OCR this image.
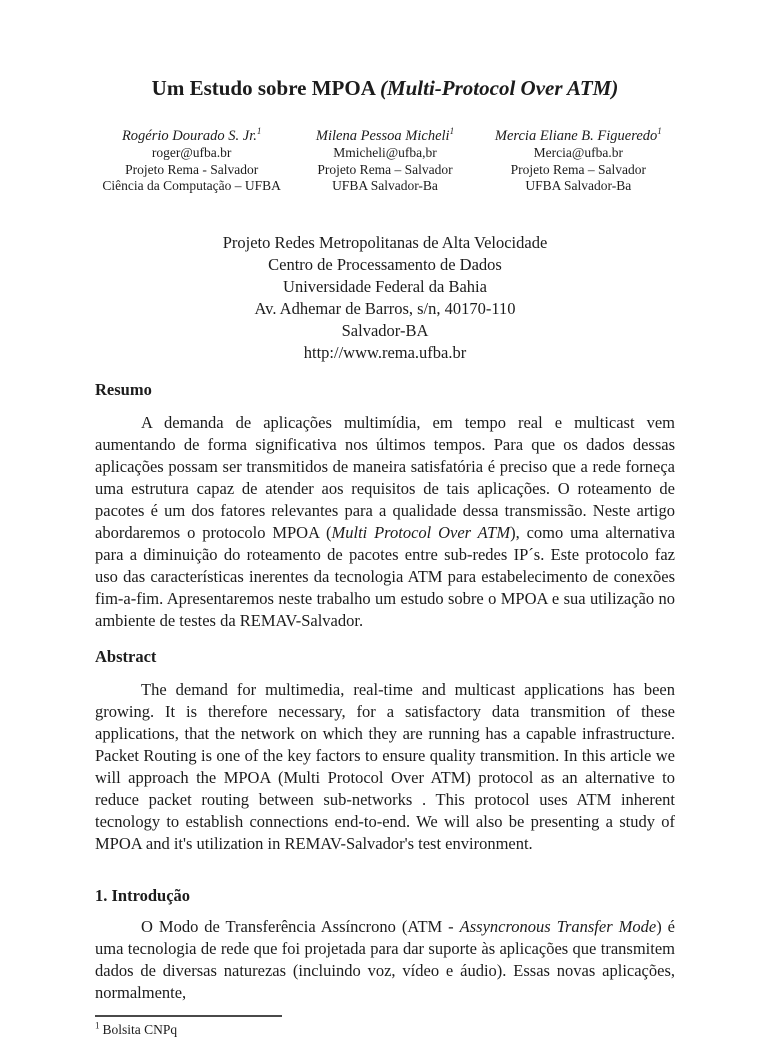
Um Estudo sobre MPOA (Multi-Protocol Over ATM)
Rogério Dourado S. Jr.$^1$
roger@ufba.br
Projeto Rema - Salvador
Ciência da Computação – UFBA
Milena Pessoa Micheli$^1$
Mmicheli@ufba,br
Projeto Rema – Salvador
UFBA Salvador-Ba
Mercia Eliane B. Figueredo$^1$
Mercia@ufba.br
Projeto Rema – Salvador
UFBA Salvador-Ba
Projeto Redes Metropolitanas de Alta Velocidade
Centro de Processamento de Dados
Universidade Federal da Bahia
Av. Adhemar de Barros, s/n, 40170-110
Salvador-BA
http://www.rema.ufba.br
Resumo

A demanda de aplicações multimídia, em tempo real e multicast vem aumentando de forma significativa nos últimos tempos. Para que os dados dessas aplicações possam ser transmitidos de maneira satisfatória é preciso que a rede forneça uma estrutura capaz de atender aos requisitos de tais aplicações. O roteamento de pacotes é um dos fatores relevantes para a qualidade dessa transmissão. Neste artigo abordaremos o protocolo MPOA (Multi Protocol Over ATM), como uma alternativa para a diminuição do roteamento de pacotes entre sub-redes IP´s. Este protocolo faz uso das características inerentes da tecnologia ATM para estabelecimento de conexões fim-a-fim. Apresentaremos neste trabalho um estudo sobre o MPOA e sua utilização no ambiente de testes da REMAV-Salvador.

Abstract

The demand for multimedia, real-time and multicast applications has been growing. It is therefore necessary, for a satisfactory data transmition of these applications, that the network on which they are running has a capable infrastructure. Packet Routing is one of the key factors to ensure quality transmition. In this article we will approach the MPOA (Multi Protocol Over ATM) protocol as an alternative to reduce packet routing between sub-networks . This protocol uses ATM inherent tecnology to establish connections end-to-end. We will also be presenting a study of MPOA and it's utilization in REMAV-Salvador's test environment.

1. Introdução

O Modo de Transferência Assíncrono (ATM - Assyncronous Transfer Mode) é uma tecnologia de rede que foi projetada para dar suporte às aplicações que transmitem dados de diversas naturezas (incluindo voz, vídeo e áudio). Essas novas aplicações, normalmente,

$^1$ Bolsita CNPq
